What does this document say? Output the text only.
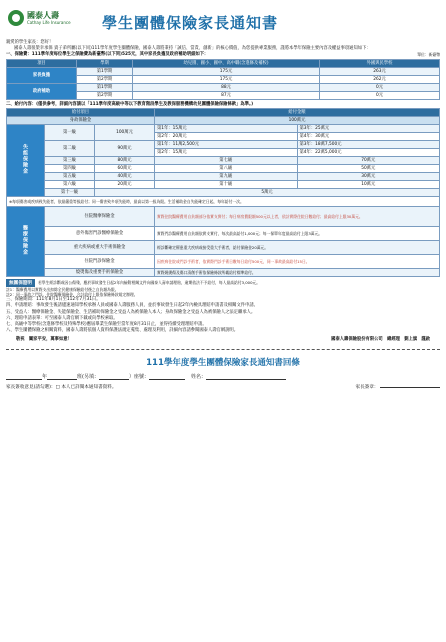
國泰人壽
Cathay Life Insurance 學生團體保險家長通知書
親愛的學生家長：您好！
國泰人壽很榮幸承保 貴子弟所屬(以下同)111學年度學生團體保險，國泰人壽將秉持「誠信、當責、創新」的核心價值，為您提供專業服務，謹將本學年保險主要內容及權益事項通知如下：
一、保險費：111學年度每位學生之保險費為新臺幣(以下同)525元，其中家長負擔及政府補助明細如下：	單位：新臺幣
項目	學期	幼兒園、國小、國中、高中職(含進修及補校)	外國與民學校
家長負擔	第1學期	175元	263元
	第2學期	175元	262元
政府補助	第1學期	88元	0元
	第2學期	87元	0元
二、給付內容：(僅供參考，詳細內容請以「111學年度高級中等以下教育階段學生及教保服務機構幼兒團體保險保險條款」為準。)
給付項目			給付金額	
身故保險金			100萬元	
失能保險金	第一級	100萬元	第1年：15萬元	第3年：25萬元
			第2年：20萬元	第4年：30萬元
	第二級	90萬元	第1年：11萬2,500元	第3年：18萬7,500元
			第2年：15萬元	第4年：22萬5,000元
	第三級	80萬元	第七級	70萬元
	第四級	60萬元	第八級	50萬元
	第五級	40萬元	第九級	30萬元
	第六級	20萬元	第十級	10萬元
	第十一級	5萬元		
※每項傷害或疾病致失能者，依最嚴重等級給付；同一傷害致多項失能時，最高以第一級為限。生活補助金自失能確定日起，每年給付一次。				
醫療保險金	住院醫療保險金		實際住院醫療費用自負額部分依實支實付；每日病房費限額500元以上者，依計實際住院日數給付；最高給付上限30萬元。	
	意外傷害門診醫療保險金		實際門診醫療費用自負額依實支實付，每次最高給付1,000元；每一保單年度最高給付上限3萬元。	
	重大疾病或重大手術保險金		經診斷確定罹患重大疾病或接受重大手術者，給付保險金20萬元。	
	住院門診保險金		因疾病住院或門診手術者，依實際門診手術日數每日給付500元，同一事故最高給付15日。	
	燒燙傷及重要手術保險金		實際燒燙傷及傷口清創手術依保險條款所載給付標準給付。	
無團保證明	若學生經診斷或因公傷殘，應於事故發生日起2年內檢附相關文件向國泰人壽申請理賠，逾期依法不予給付，每人最高給付3,000元。
註1：醫療費用以實際支出扣除全民健康保險給付後之自負額為限。
註2：同一事故之門診、住院醫療保險金，合計給付上限依保險條款規定辦理。
三、保險期間：111年8月1日至112年7月31日。
四、申請理賠：事故發生後請儘速通知學校承辦人員或國泰人壽服務人員，並於事故發生日起2年內檢具理賠申請書及相關文件申請。
五、受益人：醫療保險金、失能保險金、生活補助保險金之受益人為被保險人本人；身故保險金之受益人為被保險人之法定繼承人。
六、理賠申請表單：可至國泰人壽官網下載或向學校索取。
七、高級中等學校(含進修學校及特殊學校)應屆畢業生保險至當年度8月31日止，並得持續受理理賠申請。
八、學生團體保險之相關資料，國泰人壽將依個人資料保護法規定蒐集、處理及利用，詳細內容請參閱國泰人壽官網說明。
敬祝　闔家平安，萬事如意！	國泰人壽保險股份有限公司　總經理　劉上旗　謹啟
111學年度學生團體保險家長通知書回條
年	班(另填：	）座號：	姓名：
家長簽收意見(請勾選)：□ 本人已詳閱本通知書資料。	家長簽章：
